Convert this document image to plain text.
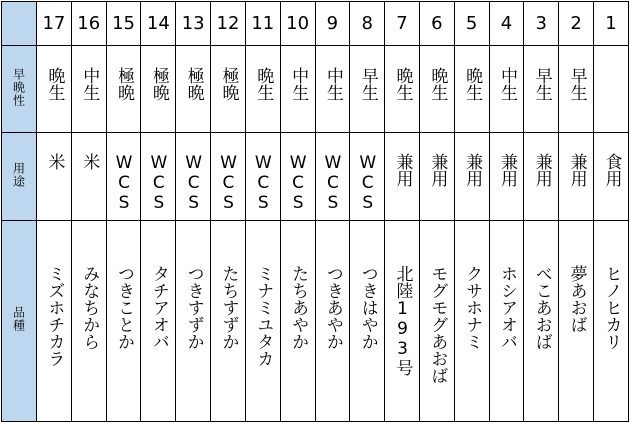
	17	16	15	14	13	12	11	10	9	8	7	6	5	4	3	2	1
早晩性	晩生	中生	極晩	極晩	極晩	極晩	晩生	中生	中生	早生	晩生	晩生	晩生	中生	早生	早生	
用途	米	米	WCS	WCS	WCS	WCS	WCS	WCS	WCS	WCS	兼用	兼用	兼用	兼用	兼用	兼用	食用
品種	ミズホチカラ	みなちから	つきことか	タチアオバ	つきすずか	たちすずか	ミナミユタカ	たちあやか	つきあやか	つきはやか	北陸193号	モグモグあおば	クサホナミ	ホシアオバ	べこあおば	夢あおば	ヒノヒカリ
